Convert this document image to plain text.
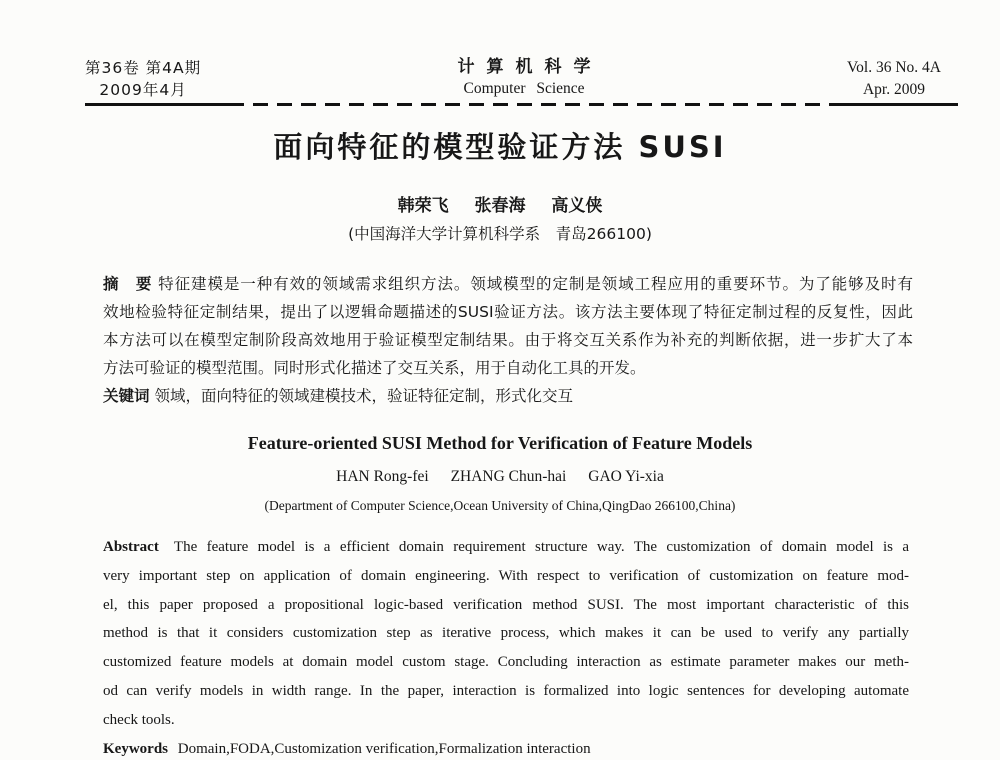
第36卷 第4A期
2009年4月
计算机科学
Computer Science
Vol. 36 No. 4A
Apr. 2009
面向特征的模型验证方法 SUSI
韩荣飞 张春海 高义侠
(中国海洋大学计算机科学系　青岛266100)
摘　要 特征建模是一种有效的领域需求组织方法。领域模型的定制是领域工程应用的重要环节。为了能够及时有
效地检验特征定制结果，提出了以逻辑命题描述的SUSI验证方法。该方法主要体现了特征定制过程的反复性，因此
本方法可以在模型定制阶段高效地用于验证模型定制结果。由于将交互关系作为补充的判断依据，进一步扩大了本
方法可验证的模型范围。同时形式化描述了交互关系，用于自动化工具的开发。
关键词 领域，面向特征的领域建模技术，验证特征定制，形式化交互
Feature-oriented SUSI Method for Verification of Feature Models
HAN Rong-fei ZHANG Chun-hai GAO Yi-xia
(Department of Computer Science,Ocean University of China,QingDao 266100,China)
Abstract The feature model is a efficient domain requirement structure way. The customization of domain model is a
very important step on application of domain engineering. With respect to verification of customization on feature mod-
el, this paper proposed a propositional logic-based verification method SUSI. The most important characteristic of this
method is that it considers customization step as iterative process, which makes it can be used to verify any partially
customized feature models at domain model custom stage. Concluding interaction as estimate parameter makes our meth-
od can verify models in width range. In the paper, interaction is formalized into logic sentences for developing automate
check tools.
Keywords Domain,FODA,Customization verification,Formalization interaction
